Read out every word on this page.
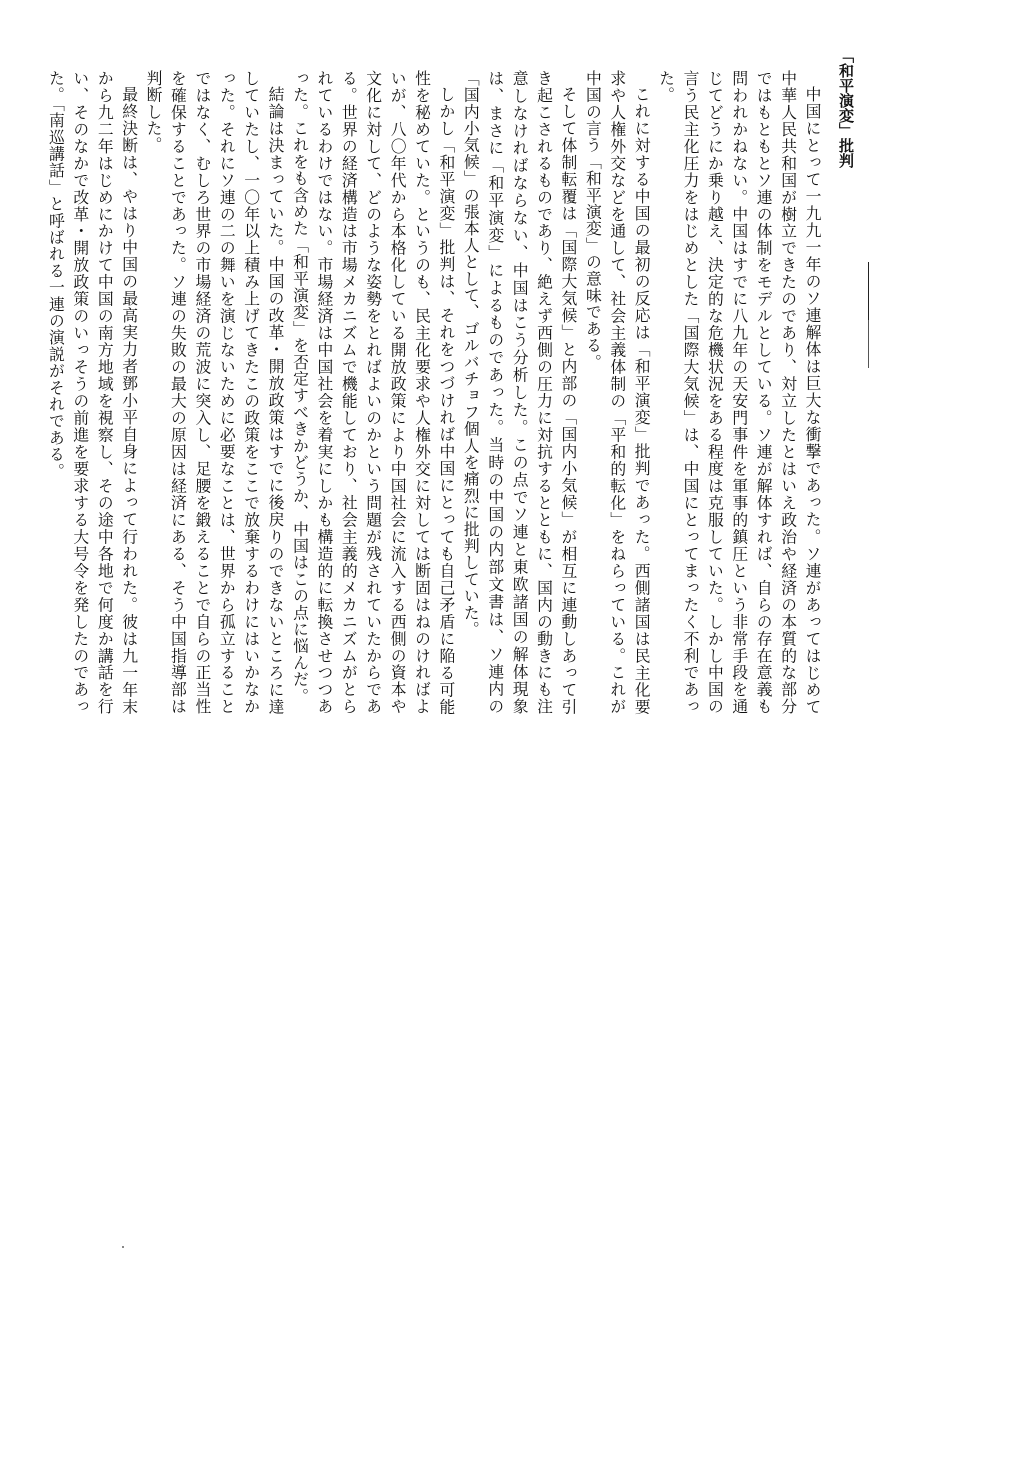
「和平演変」批判

中国にとって一九九一年のソ連解体は巨大な衝撃であった。ソ連があってはじめて中華人民共和国が樹立できたのであり、対立したとはいえ政治や経済の本質的な部分ではもともとソ連の体制をモデルとしている。ソ連が解体すれば、自らの存在意義も問われかねない。中国はすでに八九年の天安門事件を軍事的鎮圧という非常手段を通じてどうにか乗り越え、決定的な危機状況をある程度は克服していた。しかし中国の言う民主化圧力をはじめとした「国際大気候」は、中国にとってまったく不利であった。

これに対する中国の最初の反応は「和平演変」批判であった。西側諸国は民主化要求や人権外交などを通して、社会主義体制の「平和的転化」をねらっている。これが中国の言う「和平演変」の意味である。

そして体制転覆は「国際大気候」と内部の「国内小気候」が相互に連動しあって引き起こされるものであり、絶えず西側の圧力に対抗するとともに、国内の動きにも注意しなければならない、中国はこう分析した。この点でソ連と東欧諸国の解体現象は、まさに「和平演変」によるものであった。当時の中国の内部文書は、ソ連内の「国内小気候」の張本人として、ゴルバチョフ個人を痛烈に批判していた。

しかし「和平演変」批判は、それをつづければ中国にとっても自己矛盾に陥る可能性を秘めていた。というのも、民主化要求や人権外交に対しては断固はねのければよいが、八〇年代から本格化している開放政策により中国社会に流入する西側の資本や文化に対して、どのような姿勢をとればよいのかという問題が残されていたからである。世界の経済構造は市場メカニズムで機能しており、社会主義的メカニズムがとられているわけではない。市場経済は中国社会を着実にしかも構造的に転換させつつあった。これをも含めた「和平演変」を否定すべきかどうか、中国はこの点に悩んだ。

結論は決まっていた。中国の改革・開放政策はすでに後戻りのできないところに達していたし、一〇年以上積み上げてきたこの政策をここで放棄するわけにはいかなかった。それにソ連の二の舞いを演じないために必要なことは、世界から孤立することではなく、むしろ世界の市場経済の荒波に突入し、足腰を鍛えることで自らの正当性を確保することであった。ソ連の失敗の最大の原因は経済にある、そう中国指導部は判断した。

最終決断は、やはり中国の最高実力者鄧小平自身によって行われた。彼は九一年末から九二年はじめにかけて中国の南方地域を視察し、その途中各地で何度か講話を行い、そのなかで改革・開放政策のいっそうの前進を要求する大号令を発したのであった。「南巡講話」と呼ばれる一連の演説がそれである。
